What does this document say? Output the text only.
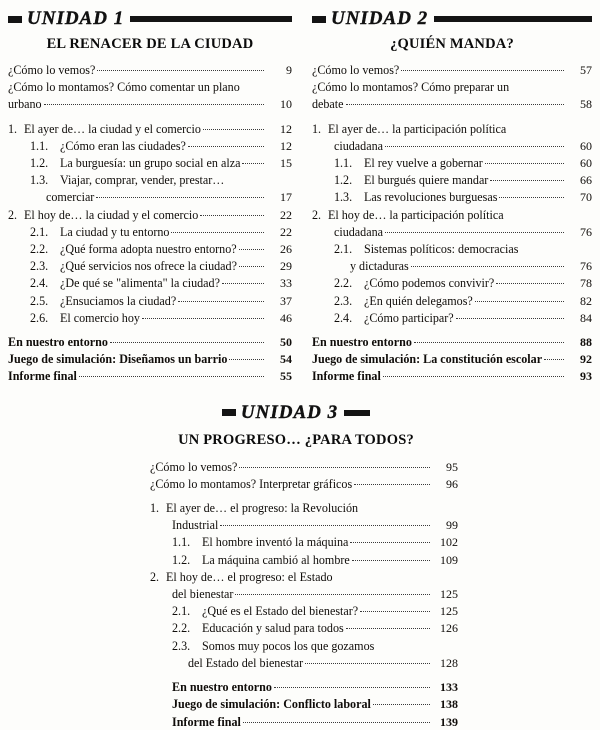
UNIDAD 1
EL RENACER DE LA CIUDAD
¿Cómo lo vemos?	9
¿Cómo lo montamos? Cómo comentar un plano
urbano	10
1. El ayer de… la ciudad y el comercio	12
1.1. ¿Cómo eran las ciudades?	12
1.2. La burguesía: un grupo social en alza	15
1.3. Viajar, comprar, vender, prestar…
comerciar	17
2. El hoy de… la ciudad y el comercio	22
2.1. La ciudad y tu entorno	22
2.2. ¿Qué forma adopta nuestro entorno?	26
2.3. ¿Qué servicios nos ofrece la ciudad?	29
2.4. ¿De qué se "alimenta" la ciudad?	33
2.5. ¿Ensuciamos la ciudad?	37
2.6. El comercio hoy	46
En nuestro entorno	50
Juego de simulación: Diseñamos un barrio	54
Informe final	55
UNIDAD 2
¿QUIÉN MANDA?
¿Cómo lo vemos?	57
¿Cómo lo montamos? Cómo preparar un
debate	58
1. El ayer de… la participación política
ciudadana	60
1.1. El rey vuelve a gobernar	60
1.2. El burgués quiere mandar	66
1.3. Las revoluciones burguesas	70
2. El hoy de… la participación política
ciudadana	76
2.1. Sistemas políticos: democracias
y dictaduras	76
2.2. ¿Cómo podemos convivir?	78
2.3. ¿En quién delegamos?	82
2.4. ¿Cómo participar?	84
En nuestro entorno	88
Juego de simulación: La constitución escolar	92
Informe final	93
UNIDAD 3
UN PROGRESO… ¿PARA TODOS?
¿Cómo lo vemos?	95
¿Cómo lo montamos? Interpretar gráficos	96
1. El ayer de… el progreso: la Revolución
Industrial	99
1.1. El hombre inventó la máquina	102
1.2. La máquina cambió al hombre	109
2. El hoy de… el progreso: el Estado
del bienestar	125
2.1. ¿Qué es el Estado del bienestar?	125
2.2. Educación y salud para todos	126
2.3. Somos muy pocos los que gozamos
del Estado del bienestar	128
En nuestro entorno	133
Juego de simulación: Conflicto laboral	138
Informe final	139
